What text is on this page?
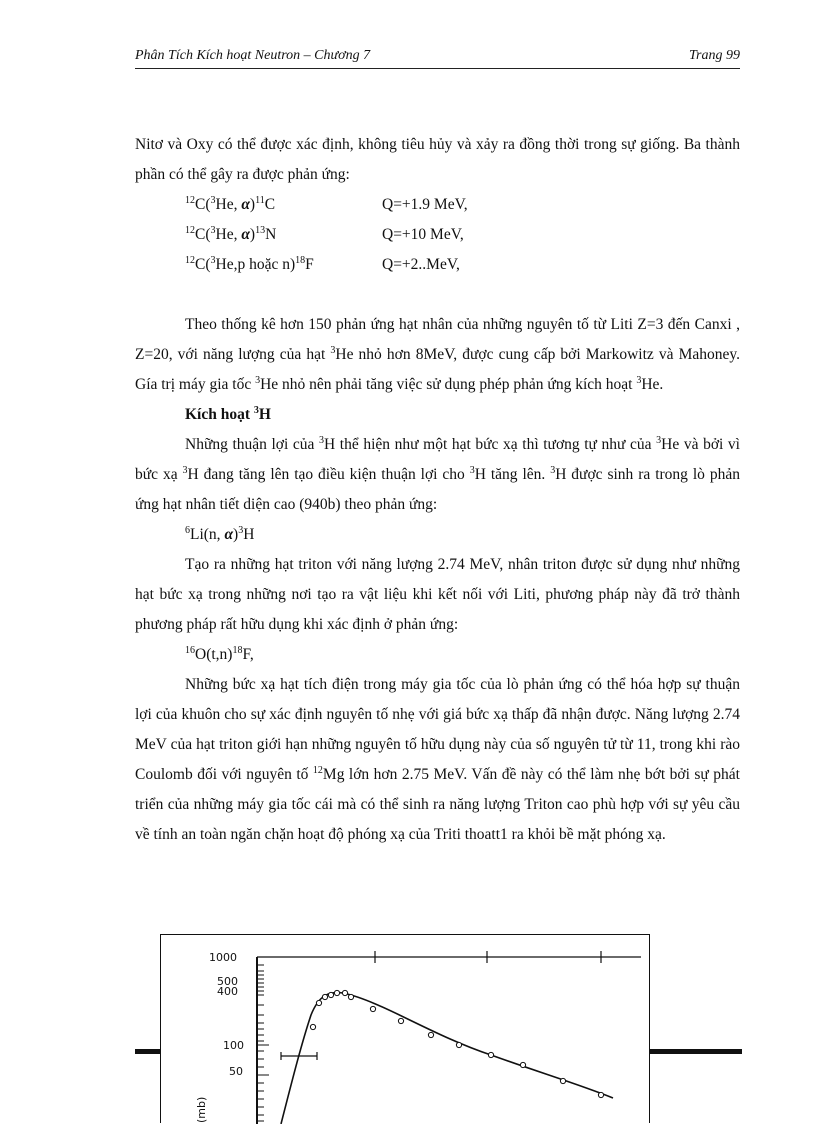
Phân Tích Kích hoạt Neutron – Chương 7	Trang 99

Nitơ và Oxy có thể được xác định, không tiêu hủy và xảy ra đồng thời trong sự giống. Ba thành phần có thể gây ra được phản ứng:

$^{12}$C($^3$He, α)$^{11}$C	Q=+1.9 MeV,
$^{12}$C($^3$He, α)$^{13}$N	Q=+10 MeV,
$^{12}$C($^3$He,p hoặc n)$^{18}$F	Q=+2..MeV,

Theo thống kê hơn 150 phản ứng hạt nhân của những nguyên tố từ Liti Z=3 đến Canxi , Z=20, với năng lượng của hạt $^3$He nhỏ hơn 8MeV, được cung cấp bởi Markowitz và Mahoney. Gía trị máy gia tốc $^3$He nhỏ nên phải tăng việc sử dụng phép phản ứng kích hoạt $^3$He.

Kích hoạt $^3$H

Những thuận lợi của $^3$H thể hiện như một hạt bức xạ thì tương tự như của $^3$He và bởi vì bức xạ $^3$H đang tăng lên tạo điều kiện thuận lợi cho $^3$H tăng lên. $^3$H được sinh ra trong lò phản ứng hạt nhân tiết diện cao (940b) theo phản ứng:

$^6$Li(n, α)$^3$H

Tạo ra những hạt triton với năng lượng 2.74 MeV, nhân triton được sử dụng như những hạt bức xạ trong những nơi tạo ra vật liệu khi kết nối với Liti, phương pháp này đã trở thành phương pháp rất hữu dụng khi xác định ở phản ứng:

$^{16}O(t,n)^{18}F$,

Những bức xạ hạt tích điện trong máy gia tốc của lò phản ứng có thể hóa hợp sự thuận lợi của khuôn cho sự xác định nguyên tố nhẹ với giá bức xạ thấp đã nhận được. Năng lượng 2.74 MeV của hạt triton giới hạn những nguyên tố hữu dụng này của số nguyên tử từ 11, trong khi rào Coulomb đối với nguyên tố $^{12}$Mg lớn hơn 2.75 MeV. Vấn đề này có thể làm nhẹ bớt bởi sự phát triển của những máy gia tốc cái mà có thể sinh ra năng lượng Triton cao phù hợp với sự yêu cầu về tính an toàn ngăn chặn hoạt độ phóng xạ của Triti thoatt1 ra khỏi bề mặt phóng xạ.

1000
500
400
100
50
(mb)
